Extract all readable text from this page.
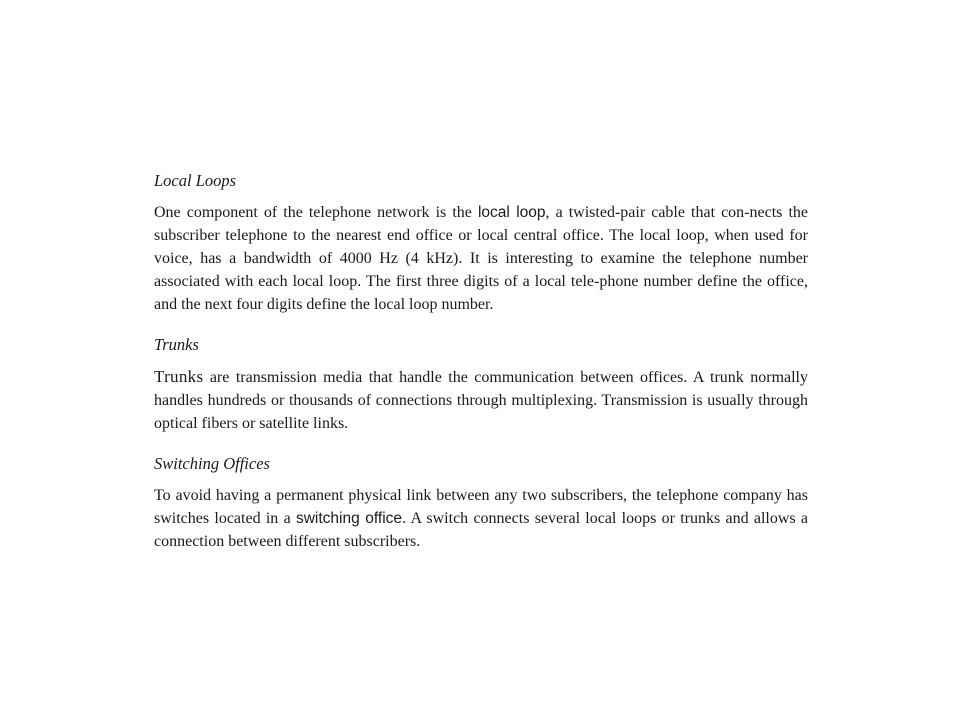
Local Loops

One component of the telephone network is the local loop, a twisted-pair cable that con-nects the subscriber telephone to the nearest end office or local central office. The local loop, when used for voice, has a bandwidth of 4000 Hz (4 kHz). It is interesting to examine the telephone number associated with each local loop. The first three digits of a local tele-phone number define the office, and the next four digits define the local loop number.

Trunks

Trunks are transmission media that handle the communication between offices. A trunk normally handles hundreds or thousands of connections through multiplexing. Transmission is usually through optical fibers or satellite links.

Switching Offices

To avoid having a permanent physical link between any two subscribers, the telephone company has switches located in a switching office. A switch connects several local loops or trunks and allows a connection between different subscribers.
